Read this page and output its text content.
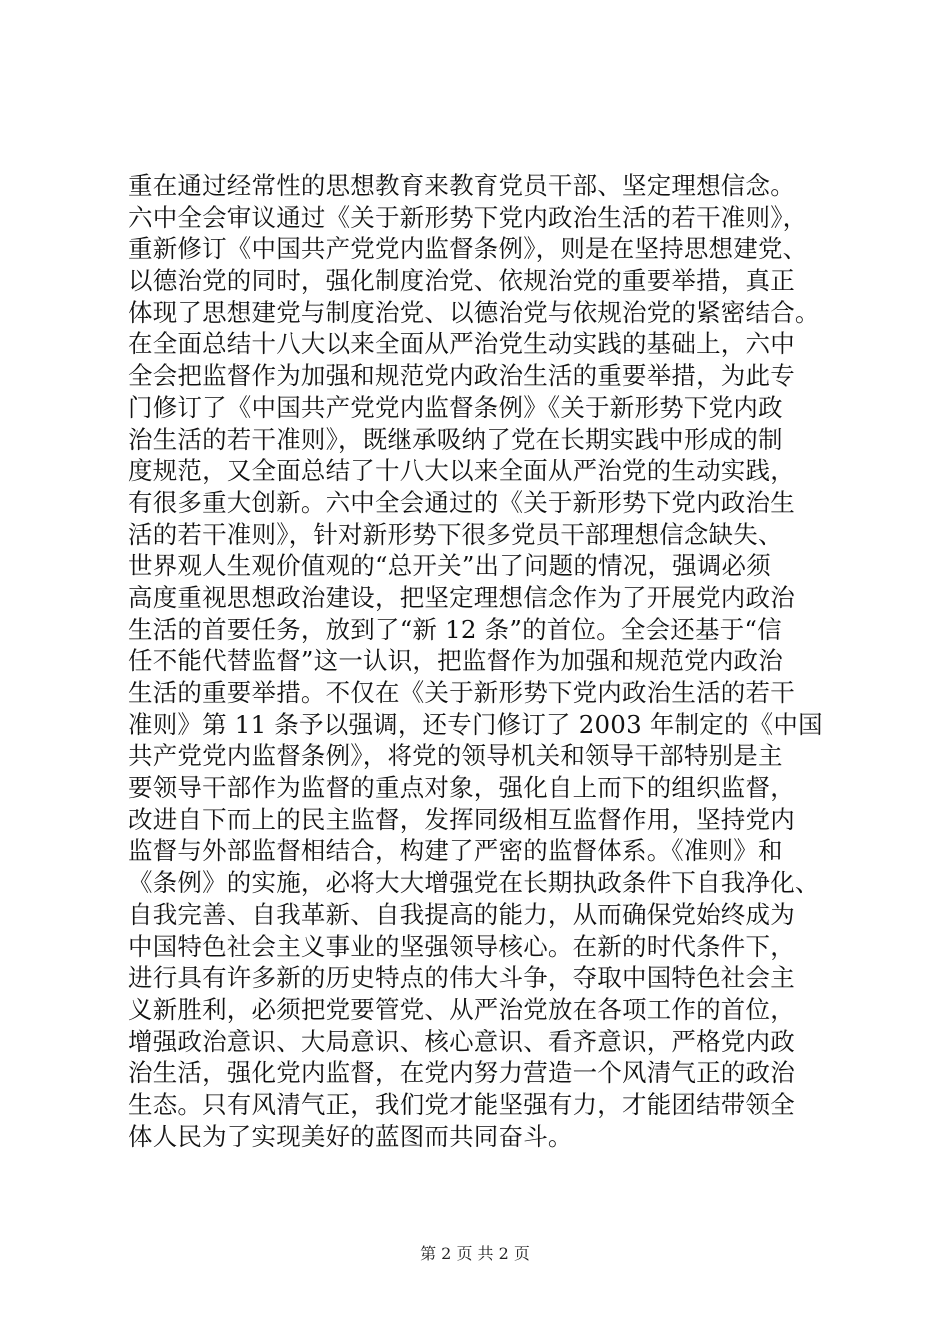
重在通过经常性的思想教育来教育党员干部、坚定理想信念。
六中全会审议通过《关于新形势下党内政治生活的若干准则》，
重新修订《中国共产党党内监督条例》，则是在坚持思想建党、
以德治党的同时，强化制度治党、依规治党的重要举措，真正
体现了思想建党与制度治党、以德治党与依规治党的紧密结合。
在全面总结十八大以来全面从严治党生动实践的基础上，六中
全会把监督作为加强和规范党内政治生活的重要举措，为此专
门修订了《中国共产党党内监督条例》《关于新形势下党内政
治生活的若干准则》，既继承吸纳了党在长期实践中形成的制
度规范，又全面总结了十八大以来全面从严治党的生动实践，
有很多重大创新。六中全会通过的《关于新形势下党内政治生
活的若干准则》，针对新形势下很多党员干部理想信念缺失、
世界观人生观价值观的“总开关”出了问题的情况，强调必须
高度重视思想政治建设，把坚定理想信念作为了开展党内政治
生活的首要任务，放到了“新 12 条”的首位。全会还基于“信
任不能代替监督”这一认识，把监督作为加强和规范党内政治
生活的重要举措。不仅在《关于新形势下党内政治生活的若干
准则》第 11 条予以强调，还专门修订了 2003 年制定的《中国
共产党党内监督条例》，将党的领导机关和领导干部特别是主
要领导干部作为监督的重点对象，强化自上而下的组织监督，
改进自下而上的民主监督，发挥同级相互监督作用，坚持党内
监督与外部监督相结合，构建了严密的监督体系。《准则》和
《条例》的实施，必将大大增强党在长期执政条件下自我净化、
自我完善、自我革新、自我提高的能力，从而确保党始终成为
中国特色社会主义事业的坚强领导核心。在新的时代条件下，
进行具有许多新的历史特点的伟大斗争，夺取中国特色社会主
义新胜利，必须把党要管党、从严治党放在各项工作的首位，
增强政治意识、大局意识、核心意识、看齐意识，严格党内政
治生活，强化党内监督，在党内努力营造一个风清气正的政治
生态。只有风清气正，我们党才能坚强有力，才能团结带领全
体人民为了实现美好的蓝图而共同奋斗。
第 2 页 共 2 页
